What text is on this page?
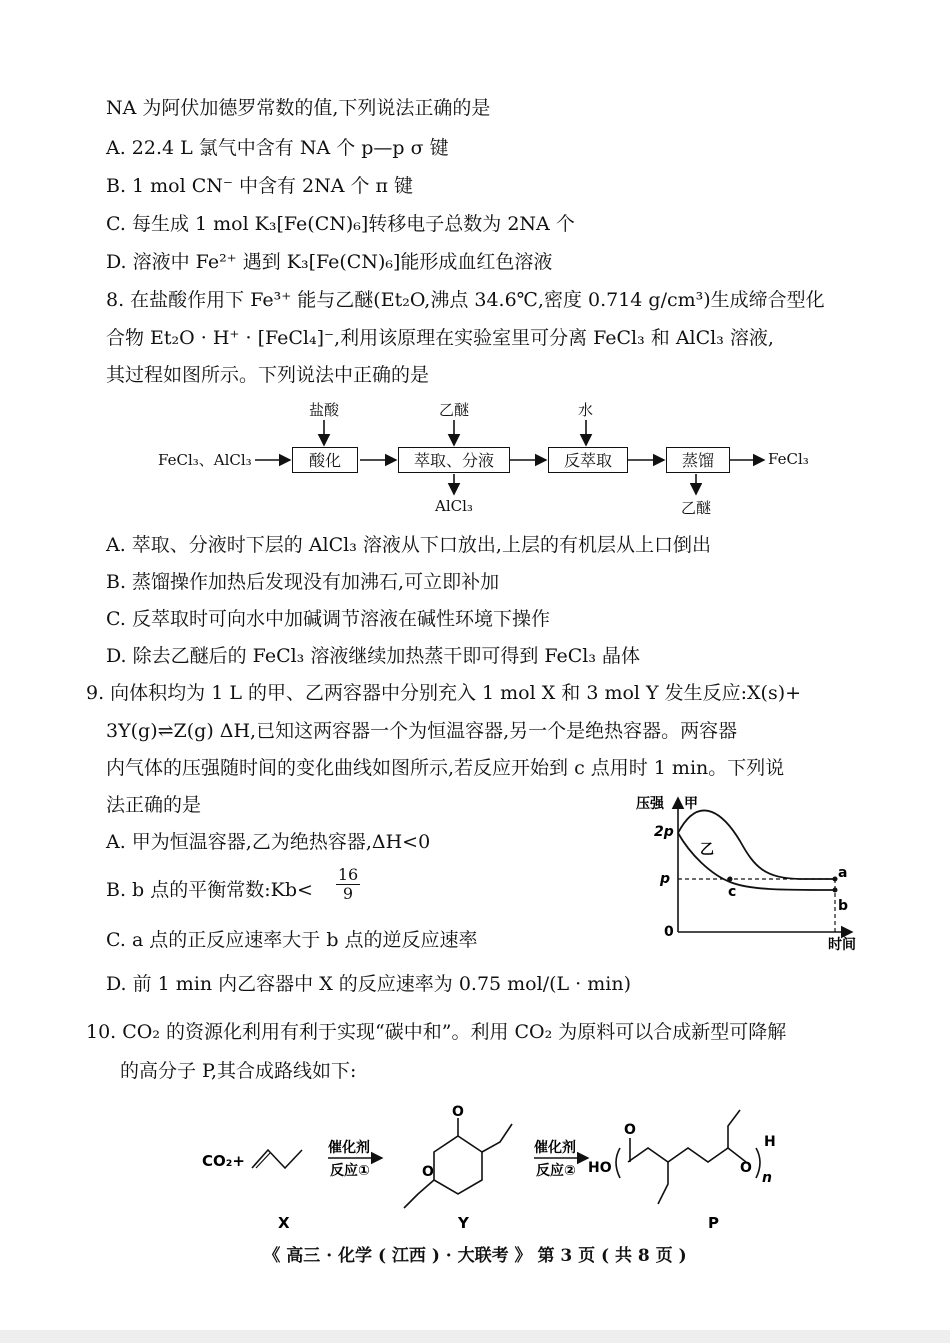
NA 为阿伏加德罗常数的值,下列说法正确的是
A. 22.4 L 氯气中含有 NA 个 p—p σ 键
B. 1 mol CN⁻ 中含有 2NA 个 π 键
C. 每生成 1 mol K₃[Fe(CN)₆]转移电子总数为 2NA 个
D. 溶液中 Fe²⁺ 遇到 K₃[Fe(CN)₆]能形成血红色溶液
8. 在盐酸作用下 Fe³⁺ 能与乙醚(Et₂O,沸点 34.6℃,密度 0.714 g/cm³)生成缔合型化
合物 Et₂O · H⁺ · [FeCl₄]⁻,利用该原理在实验室里可分离 FeCl₃ 和 AlCl₃ 溶液,
其过程如图所示。下列说法中正确的是
FeCl₃、AlCl₃	酸化	萃取、分液	反萃取	蒸馏	FeCl₃
盐酸	乙醚	水
AlCl₃	乙醚
A. 萃取、分液时下层的 AlCl₃ 溶液从下口放出,上层的有机层从上口倒出
B. 蒸馏操作加热后发现没有加沸石,可立即补加
C. 反萃取时可向水中加碱调节溶液在碱性环境下操作
D. 除去乙醚后的 FeCl₃ 溶液继续加热蒸干即可得到 FeCl₃ 晶体
9. 向体积均为 1 L 的甲、乙两容器中分别充入 1 mol X 和 3 mol Y 发生反应:X(s)+
3Y(g)⇌Z(g) ΔH,已知这两容器一个为恒温容器,另一个是绝热容器。两容器
内气体的压强随时间的变化曲线如图所示,若反应开始到 c 点用时 1 min。下列说
法正确的是
A. 甲为恒温容器,乙为绝热容器,ΔH<0
B. b 点的平衡常数:Kb< $\frac{16}{9}$
C. a 点的正反应速率大于 b 点的逆反应速率
D. 前 1 min 内乙容器中 X 的反应速率为 0.75 mol/(L · min)
压强 甲
2p
乙
p
c
a
b
0
时间
10. CO₂ 的资源化利用有利于实现“碳中和”。利用 CO₂ 为原料可以合成新型可降解
的高分子 P,其合成路线如下:
CO₂+
催化剂
反应①
O
O
催化剂
反应② HO
O
O
H
n
X	Y	P
《 高三 · 化学 ( 江西 ) · 大联考 》 第 3 页 ( 共 8 页 )
